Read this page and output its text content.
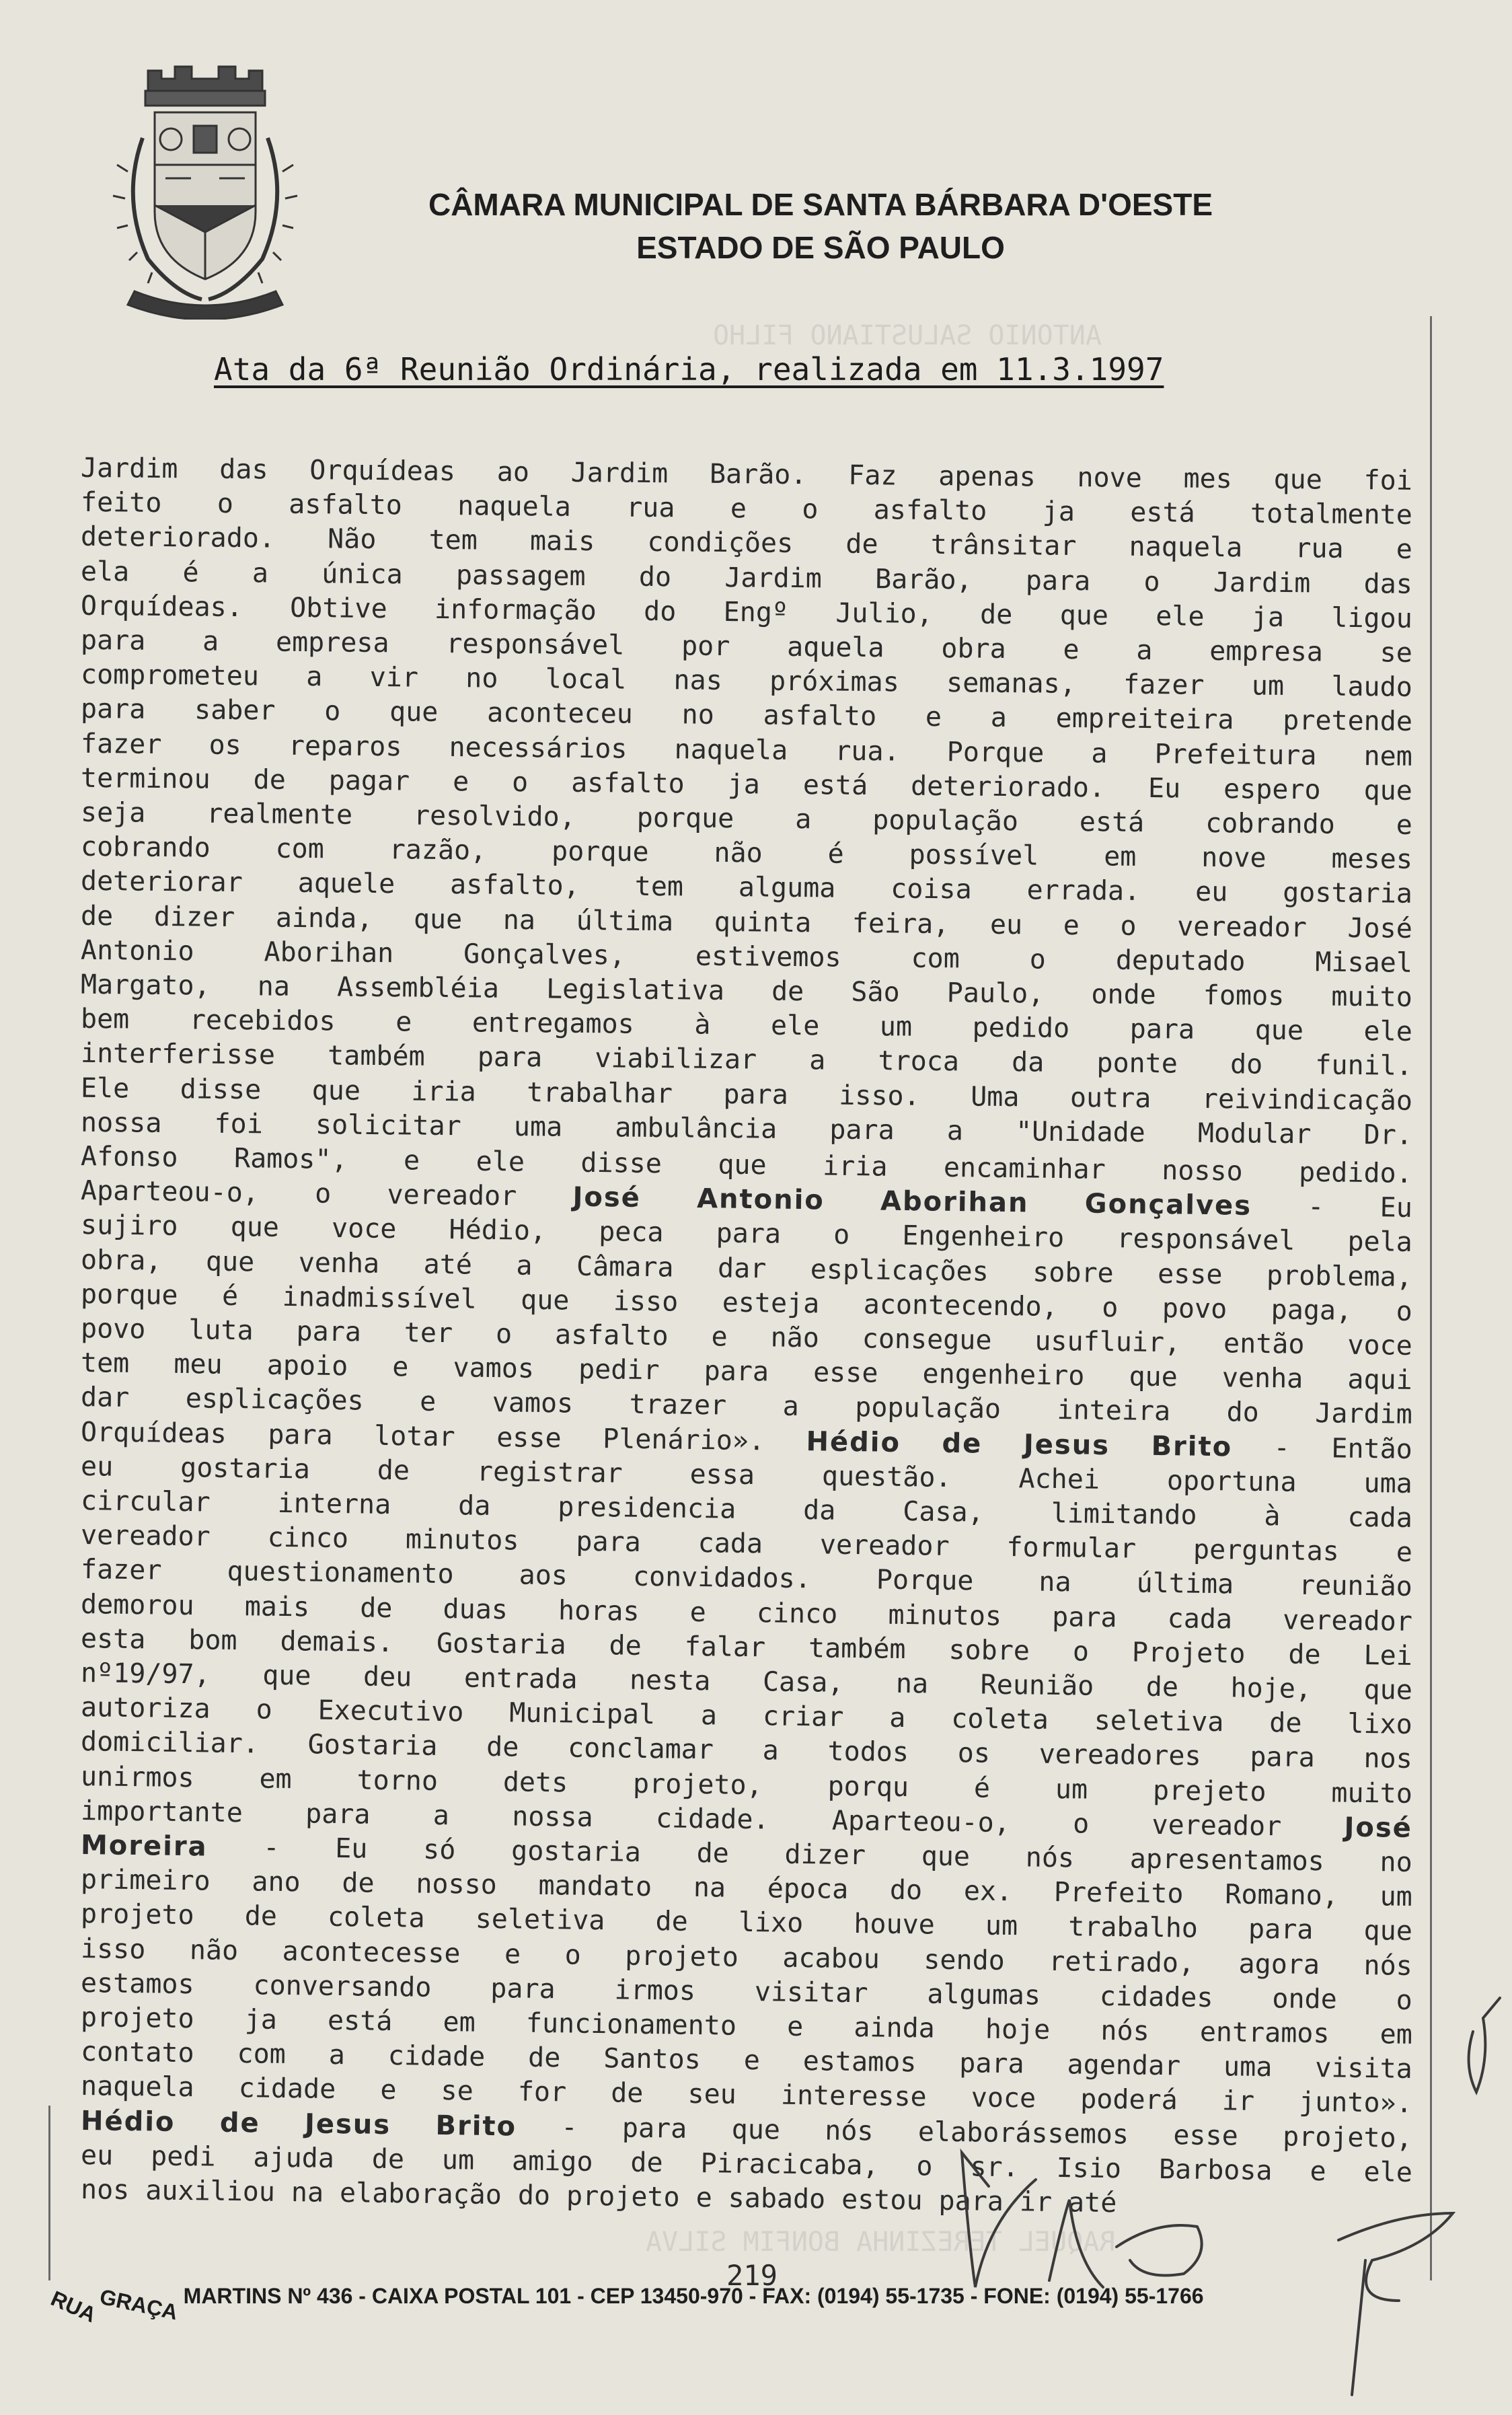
CÂMARA MUNICIPAL DE SANTA BÁRBARA D'OESTE
ESTADO DE SÃO PAULO
ANTONIO SALUSTIANO FILHO
RAQUEL TEREZINHA BONFIM SILVA
Ata da 6ª Reunião Ordinária, realizada em 11.3.1997
Jardim das Orquídeas ao Jardim Barão. Faz apenas nove mes que foi
feito o asfalto naquela rua e o asfalto ja está totalmente
deteriorado. Não tem mais condições de trânsitar naquela rua e
ela é a única passagem do Jardim Barão, para o Jardim das
Orquídeas. Obtive informação do Engº Julio, de que ele ja ligou
para a empresa responsável por aquela obra e a empresa se
comprometeu a vir no local nas próximas semanas, fazer um laudo
para saber o que aconteceu no asfalto e a empreiteira pretende
fazer os reparos necessários naquela rua. Porque a Prefeitura nem
terminou de pagar e o asfalto ja está deteriorado. Eu espero que
seja realmente resolvido, porque a população está cobrando e
cobrando com razão, porque não é possível em nove meses
deteriorar aquele asfalto, tem alguma coisa errada. eu gostaria
de dizer ainda, que na última quinta feira, eu e o vereador José
Antonio	Aborihan	Gonçalves,	estivemos	com	o	deputado	Misael
Margato, na Assembléia Legislativa de São Paulo, onde fomos muito
bem recebidos e entregamos à ele um pedido para que ele
interferisse também para viabilizar a troca da ponte do funil.
Ele disse que iria trabalhar para isso. Uma outra reivindicação
nossa foi solicitar uma ambulância para a "Unidade Modular Dr.
Afonso Ramos", e ele disse que iria encaminhar nosso pedido.
Aparteou-o, o vereador José Antonio Aborihan Gonçalves - Eu
sujiro que voce Hédio, peca para o Engenheiro responsável pela
obra, que venha até a Câmara dar esplicações sobre esse problema,
porque é inadmissível que isso esteja acontecendo, o povo paga, o
povo luta para ter o asfalto e não consegue usufluir, então voce
tem meu apoio e vamos pedir para esse engenheiro que venha aqui
dar esplicações e vamos trazer a população inteira do Jardim
Orquídeas para lotar esse Plenário». Hédio de Jesus Brito - Então
eu gostaria de registrar essa questão. Achei oportuna uma
circular interna da presidencia da Casa, limitando à cada
vereador cinco minutos para cada vereador formular perguntas e
fazer questionamento aos convidados. Porque na última reunião
demorou mais de duas horas e cinco minutos para cada vereador
esta bom demais. Gostaria de falar também sobre o Projeto de Lei
nº19/97, que deu entrada nesta Casa, na Reunião de hoje, que
autoriza o Executivo Municipal a criar a coleta seletiva de lixo
domiciliar. Gostaria de conclamar a todos os vereadores para nos
unirmos em torno dets projeto, porqu é um prejeto muito
importante para a nossa cidade. Aparteou-o, o vereador José
Moreira - Eu só gostaria de dizer que nós apresentamos no
primeiro ano de nosso mandato na época do ex. Prefeito Romano, um
projeto de coleta seletiva de lixo houve um trabalho para que
isso não acontecesse e o projeto acabou sendo retirado, agora nós
estamos conversando para irmos visitar algumas cidades onde o
projeto ja está em funcionamento e ainda hoje nós entramos em
contato com a cidade de Santos e estamos para agendar uma visita
naquela cidade e se for de seu interesse voce poderá ir junto».
Hédio de Jesus Brito - para que nós elaborássemos esse projeto,
eu pedi ajuda de um amigo de Piracicaba, o sr. Isio Barbosa e ele
nos auxiliou na elaboração do projeto e sabado estou para ir até
219
RUAGRAÇA MARTINS Nº 436 - CAIXA POSTAL 101 - CEP 13450-970 - FAX: (0194) 55-1735 - FONE: (0194) 55-1766
